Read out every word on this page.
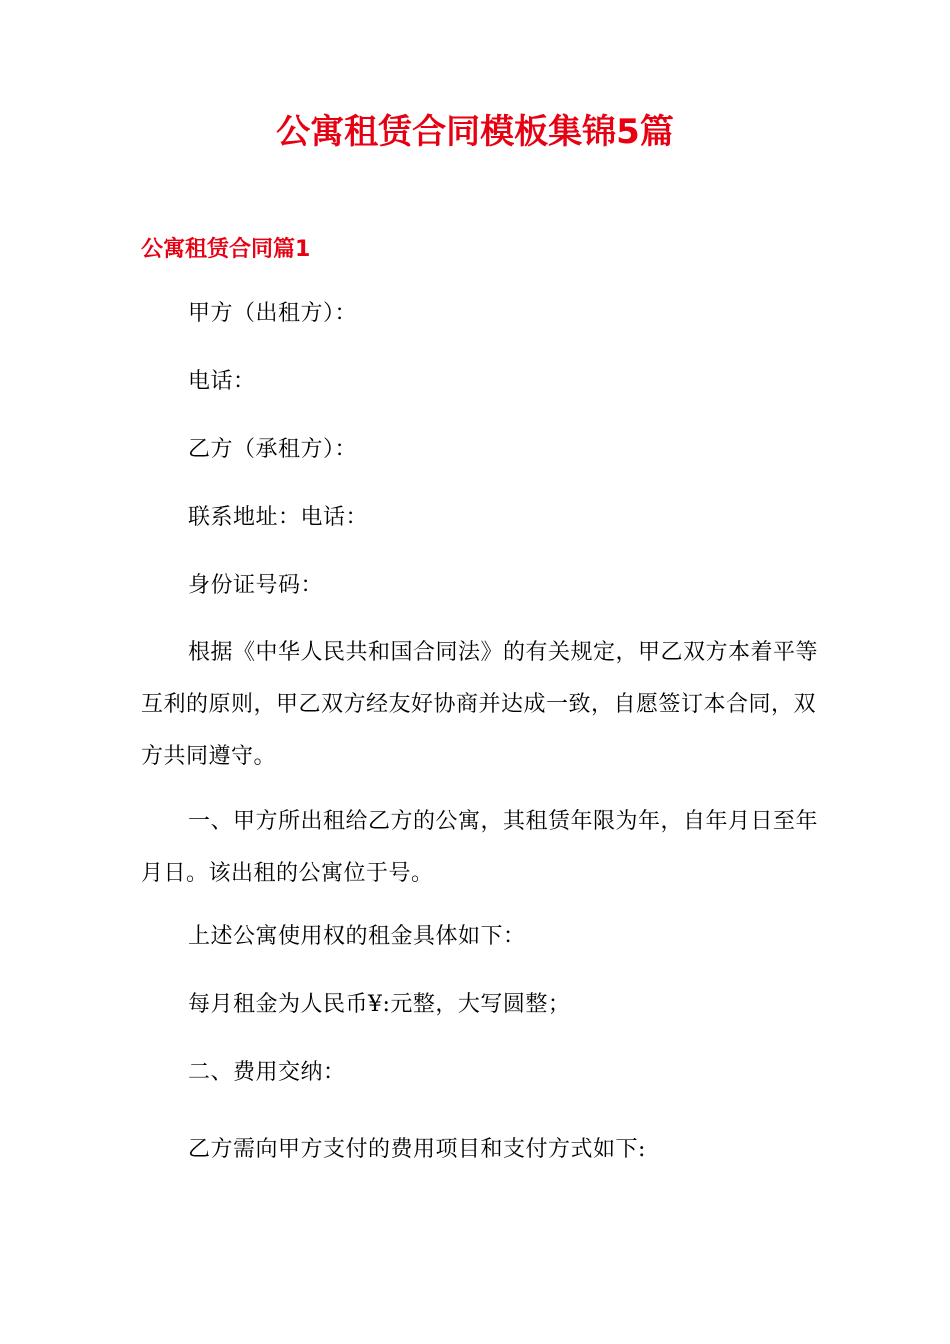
公寓租赁合同模板集锦5篇
公寓租赁合同篇1

甲方（出租方）：

电话：

乙方（承租方）：

联系地址：电话：

身份证号码：

根据《中华人民共和国合同法》的有关规定，甲乙双方本着平等互利的原则，甲乙双方经友好协商并达成一致，自愿签订本合同，双方共同遵守。

一、甲方所出租给乙方的公寓，其租赁年限为年，自年月日至年月日。该出租的公寓位于号。

上述公寓使用权的租金具体如下：

每月租金为人民币¥:元整，大写圆整；

二、费用交纳：

乙方需向甲方支付的费用项目和支付方式如下:
